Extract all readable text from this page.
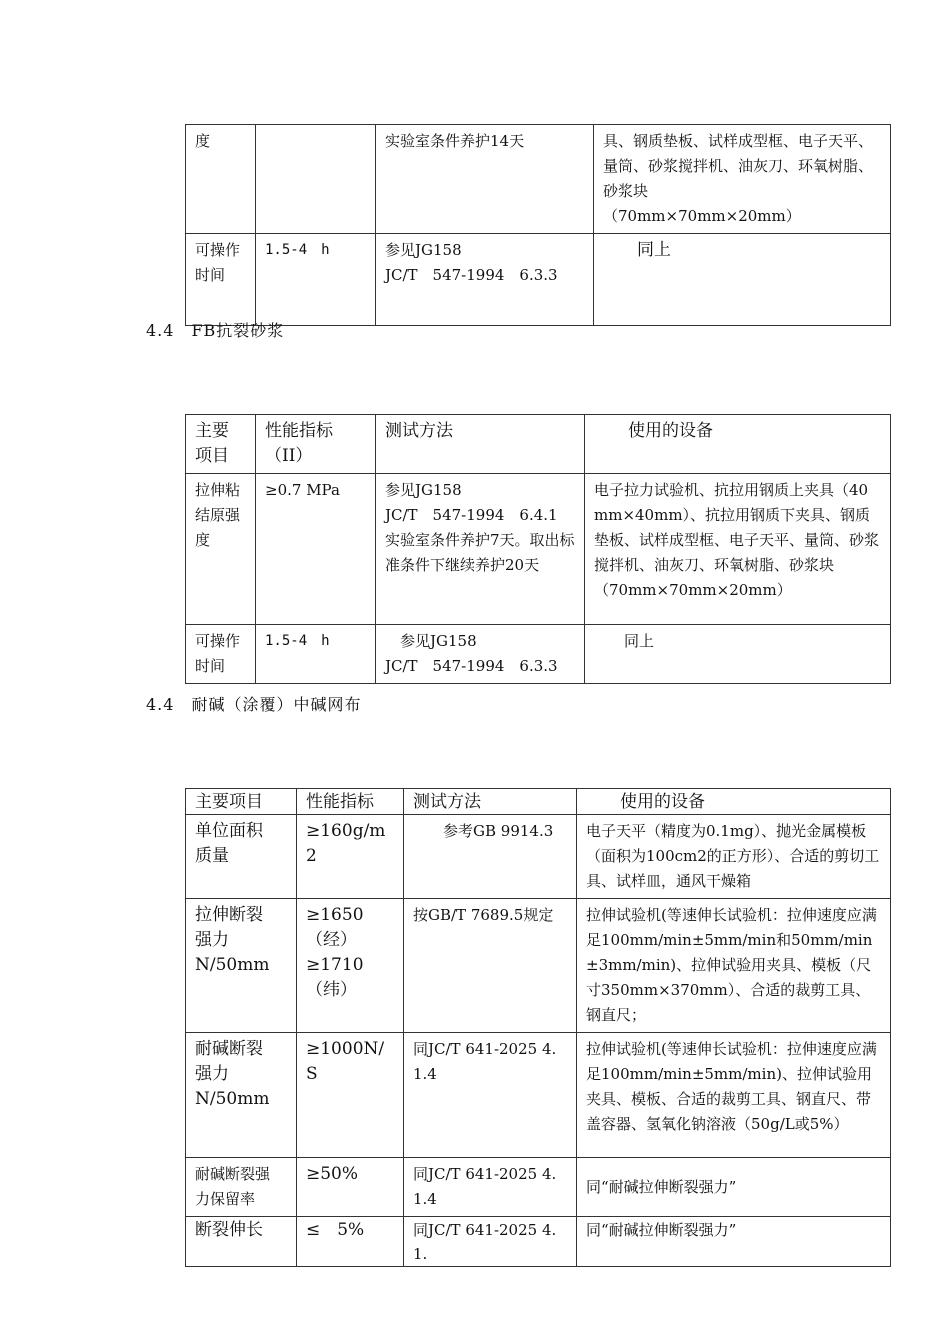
度		实验室条件养护14天	具、钢质垫板、试样成型框、电子天平、量筒、砂浆搅拌机、油灰刀、环氧树脂、砂浆块
（70mm×70mm×20mm）
可操作
时间	1.5-4　h	参见JG158
JC/T　547-1994　6.3.3	　　同上
4.4　FB抗裂砂浆
主要
项目	性能指标
（II）	测试方法	　　使用的设备
拉伸粘
结原强
度	≥0.7 MPa	参见JG158
JC/T　547-1994　6.4.1
实验室条件养护7天。取出标准条件下继续养护20天	电子拉力试验机、抗拉用钢质上夹具（40mm×40mm）、抗拉用钢质下夹具、钢质垫板、试样成型框、电子天平、量筒、砂浆搅拌机、油灰刀、环氧树脂、砂浆块
（70mm×70mm×20mm）
可操作
时间	1.5-4　h	　参见JG158
JC/T　547-1994　6.3.3	　　同上
4.4　耐碱（涂覆）中碱网布
主要项目	性能指标	测试方法	　　使用的设备
单位面积
质量	≥160g/m2	　　参考GB 9914.3	电子天平（精度为0.1mg）、抛光金属模板（面积为100cm2的正方形）、合适的剪切工具、试样皿，通风干燥箱
拉伸断裂
强力
N/50mm	≥1650
（经）
≥1710
（纬）	按GB/T 7689.5规定	拉伸试验机(等速伸长试验机：拉伸速度应满足100mm/min±5mm/min和50mm/min±3mm/min)、拉伸试验用夹具、模板（尺寸350mm×370mm）、合适的裁剪工具、钢直尺；
耐碱断裂
强力
N/50mm	≥1000N/S	同JC/T 641-2025 4.1.4	拉伸试验机(等速伸长试验机：拉伸速度应满足100mm/min±5mm/min)、拉伸试验用夹具、模板、合适的裁剪工具、钢直尺、带盖容器、氢氧化钠溶液（50g/L或5%）
耐碱断裂强
力保留率	≥50%	同JC/T 641-2025 4.1.4	同“耐碱拉伸断裂强力”
断裂伸长	≤　5%	同JC/T 641-2025 4.1.	同“耐碱拉伸断裂强力”
